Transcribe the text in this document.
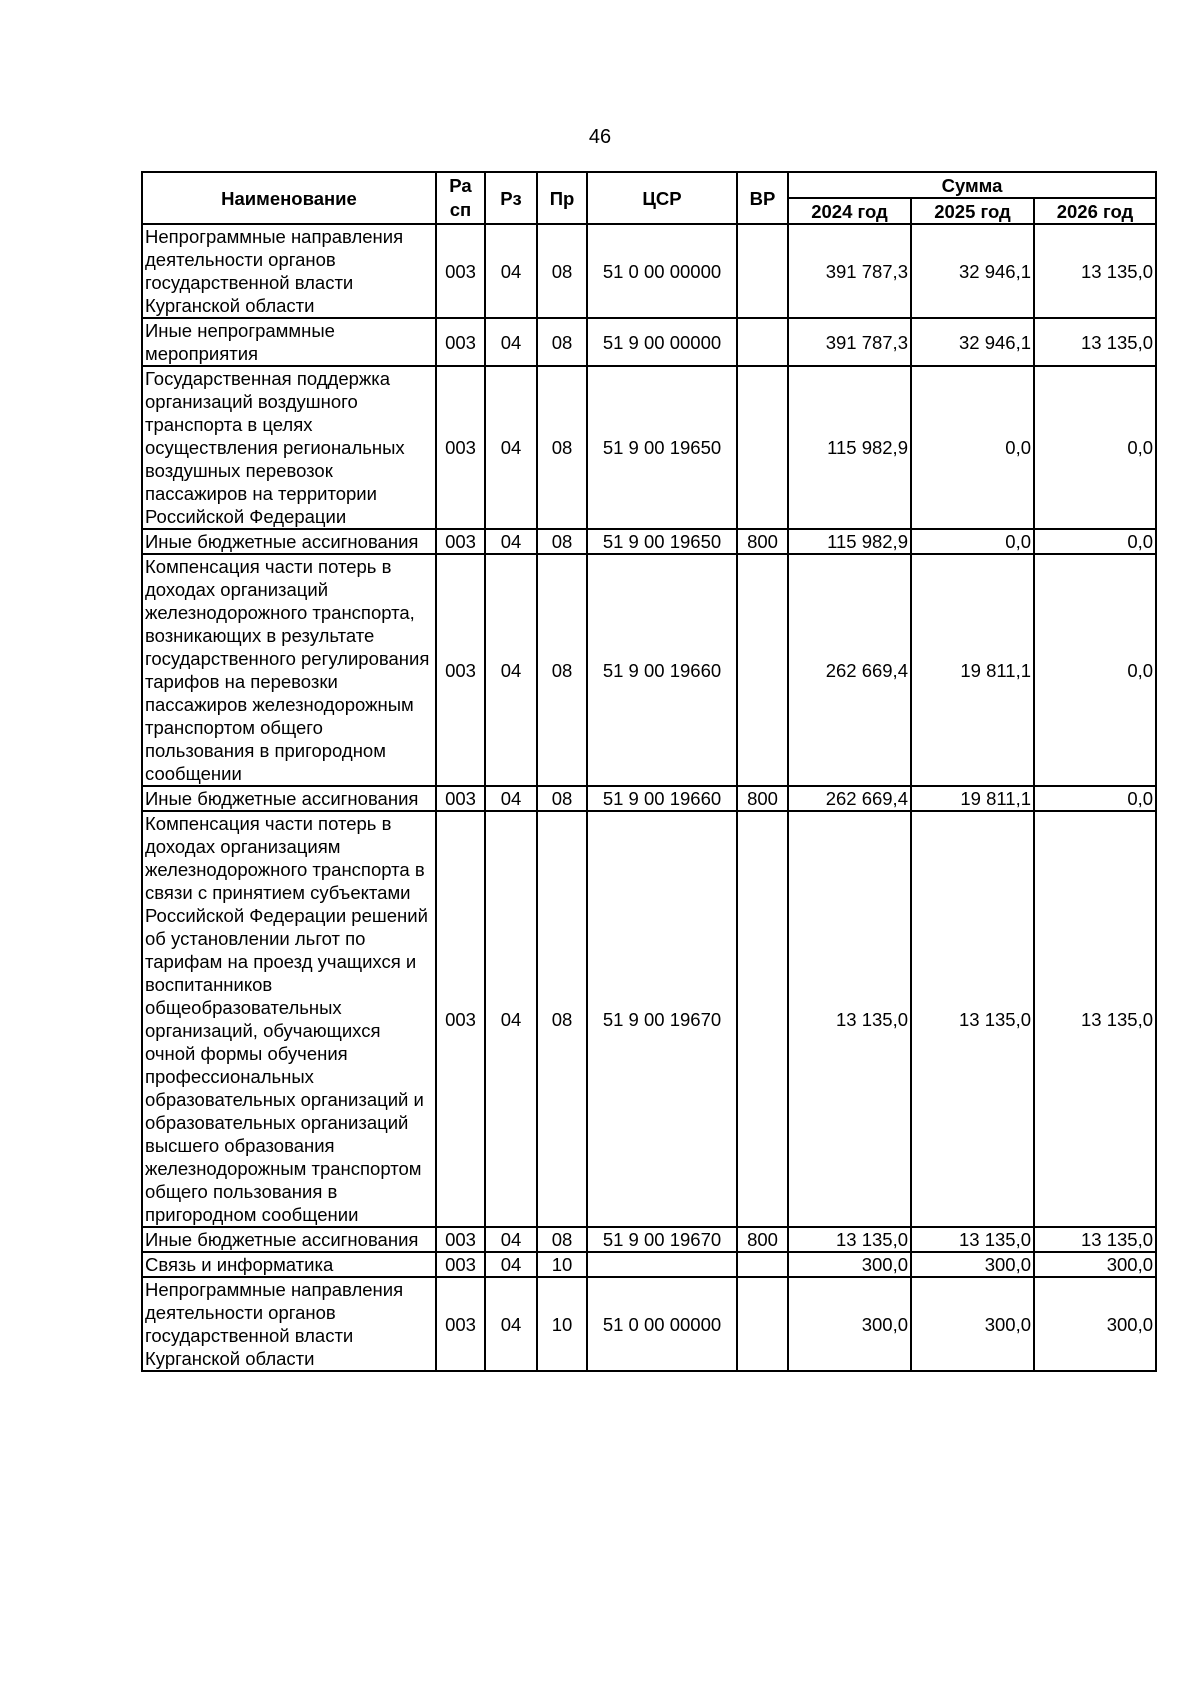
46
Наименование	Ра сп	Рз	Пр	ЦСР	ВР	Сумма		
						2024 год	2025 год	2026 год
Непрограммные направления деятельности органов государственной власти Курганской области	003	04	08	51 0 00 00000		391 787,3	32 946,1	13 135,0
Иные непрограммные мероприятия	003	04	08	51 9 00 00000		391 787,3	32 946,1	13 135,0
Государственная поддержка организаций воздушного транспорта в целях осуществления региональных воздушных перевозок пассажиров на территории Российской Федерации	003	04	08	51 9 00 19650		115 982,9	0,0	0,0
Иные бюджетные ассигнования	003	04	08	51 9 00 19650	800	115 982,9	0,0	0,0
Компенсация части потерь в доходах организаций железнодорожного транспорта, возникающих в результате государственного регулирования тарифов на перевозки пассажиров железнодорожным транспортом общего пользования в пригородном сообщении	003	04	08	51 9 00 19660		262 669,4	19 811,1	0,0
Иные бюджетные ассигнования	003	04	08	51 9 00 19660	800	262 669,4	19 811,1	0,0
Компенсация части потерь в доходах организациям железнодорожного транспорта в связи с принятием субъектами Российской Федерации решений об установлении льгот по тарифам на проезд учащихся и воспитанников общеобразовательных организаций, обучающихся очной формы обучения профессиональных образовательных организаций и образовательных организаций высшего образования железнодорожным транспортом общего пользования в пригородном сообщении	003	04	08	51 9 00 19670		13 135,0	13 135,0	13 135,0
Иные бюджетные ассигнования	003	04	08	51 9 00 19670	800	13 135,0	13 135,0	13 135,0
Связь и информатика	003	04	10			300,0	300,0	300,0
Непрограммные направления деятельности органов государственной власти Курганской области	003	04	10	51 0 00 00000		300,0	300,0	300,0
